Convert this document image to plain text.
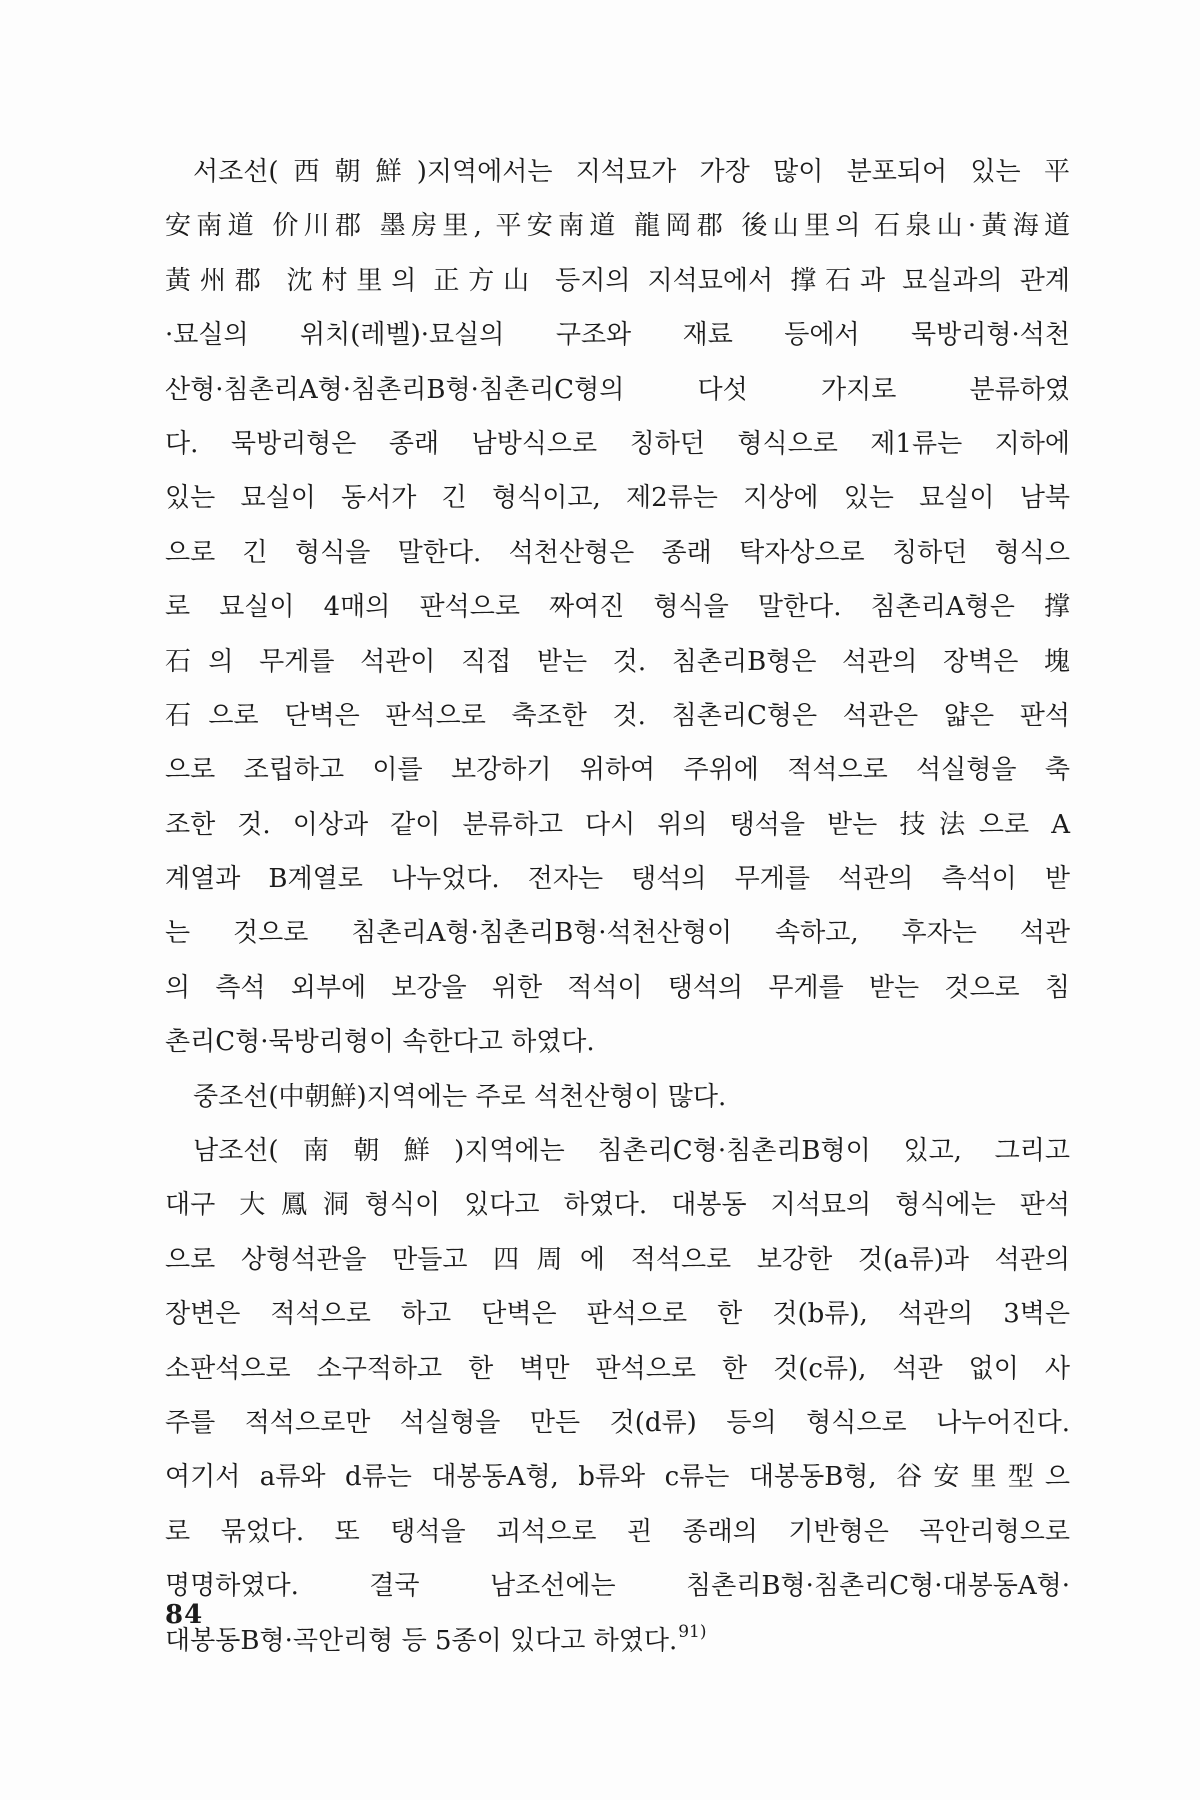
서조선(西朝鮮)지역에서는 지석묘가 가장 많이 분포되어 있는 平
安南道 价川郡 墨房里, 平安南道 龍岡郡 後山里의 石泉山·黃海道
黃州郡 沈村里의 正方山 등지의 지석묘에서 撑石과 묘실과의 관계
·묘실의 위치(레벨)·묘실의 구조와 재료 등에서 묵방리형·석천
산형·침촌리A형·침촌리B형·침촌리C형의 다섯 가지로 분류하였
다. 묵방리형은 종래 남방식으로 칭하던 형식으로 제1류는 지하에
있는 묘실이 동서가 긴 형식이고, 제2류는 지상에 있는 묘실이 남북
으로 긴 형식을 말한다. 석천산형은 종래 탁자상으로 칭하던 형식으
로 묘실이 4매의 판석으로 짜여진 형식을 말한다. 침촌리A형은 撑
石의 무게를 석관이 직접 받는 것. 침촌리B형은 석관의 장벽은 塊
石으로 단벽은 판석으로 축조한 것. 침촌리C형은 석관은 얇은 판석
으로 조립하고 이를 보강하기 위하여 주위에 적석으로 석실형을 축
조한 것. 이상과 같이 분류하고 다시 위의 탱석을 받는 技法으로 A
계열과 B계열로 나누었다. 전자는 탱석의 무게를 석관의 측석이 받
는 것으로 침촌리A형·침촌리B형·석천산형이 속하고, 후자는 석관
의 측석 외부에 보강을 위한 적석이 탱석의 무게를 받는 것으로 침
촌리C형·묵방리형이 속한다고 하였다.
중조선(中朝鮮)지역에는 주로 석천산형이 많다.
남조선(南朝鮮)지역에는 침촌리C형·침촌리B형이 있고, 그리고
대구 大鳳洞형식이 있다고 하였다. 대봉동 지석묘의 형식에는 판석
으로 상형석관을 만들고 四周에 적석으로 보강한 것(a류)과 석관의
장변은 적석으로 하고 단벽은 판석으로 한 것(b류), 석관의 3벽은
소판석으로 소구적하고 한 벽만 판석으로 한 것(c류), 석관 없이 사
주를 적석으로만 석실형을 만든 것(d류) 등의 형식으로 나누어진다.
여기서 a류와 d류는 대봉동A형, b류와 c류는 대봉동B형, 谷安里型으
로 묶었다. 또 탱석을 괴석으로 괸 종래의 기반형은 곡안리형으로
명명하였다. 결국 남조선에는 침촌리B형·침촌리C형·대봉동A형·
대봉동B형·곡안리형 등 5종이 있다고 하였다.$^{91)}$
84
